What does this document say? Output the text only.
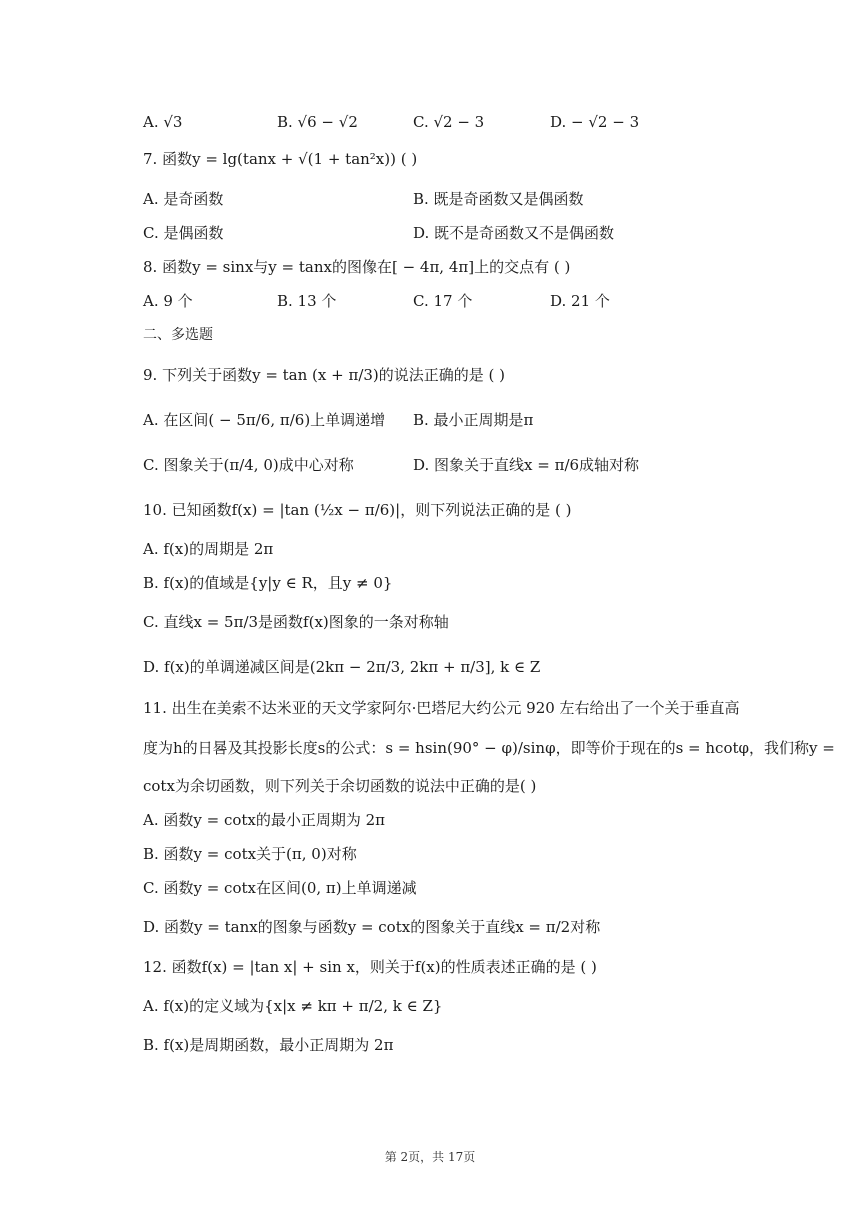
A. √3	B. √6 − √2	C. √2 − 3	D. − √2 − 3
7. 函数y = lg(tanx + √(1 + tan²x)) ( )
A. 是奇函数	B. 既是奇函数又是偶函数
C. 是偶函数	D. 既不是奇函数又不是偶函数
8. 函数y = sinx与y = tanx的图像在[ − 4π, 4π]上的交点有 ( )
A. 9 个	B. 13 个	C. 17 个	D. 21 个
二、多选题
9. 下列关于函数y = tan (x + π/3)的说法正确的是 ( )
A. 在区间( − 5π/6, π/6)上单调递增 B. 最小正周期是π
C. 图象关于(π/4, 0)成中心对称	D. 图象关于直线x = π/6成轴对称
10. 已知函数f(x) = |tan (½x − π/6)|，则下列说法正确的是 ( )
A. f(x)的周期是 2π
B. f(x)的值域是{y|y ∈ R，且y ≠ 0}
C. 直线x = 5π/3是函数f(x)图象的一条对称轴
D. f(x)的单调递减区间是(2kπ − 2π/3, 2kπ + π/3], k ∈ Z
11. 出生在美索不达米亚的天文学家阿尔·巴塔尼大约公元 920 左右给出了一个关于垂直高
度为h的日晷及其投影长度s的公式：s = hsin(90° − φ)/sinφ，即等价于现在的s = hcotφ，我们称y =
cotx为余切函数，则下列关于余切函数的说法中正确的是( )
A. 函数y = cotx的最小正周期为 2π
B. 函数y = cotx关于(π, 0)对称
C. 函数y = cotx在区间(0, π)上单调递减
D. 函数y = tanx的图象与函数y = cotx的图象关于直线x = π/2对称
12. 函数f(x) = |tan x| + sin x，则关于f(x)的性质表述正确的是 ( )
A. f(x)的定义域为{x|x ≠ kπ + π/2, k ∈ Z}
B. f(x)是周期函数，最小正周期为 2π
第 2页，共 17页
